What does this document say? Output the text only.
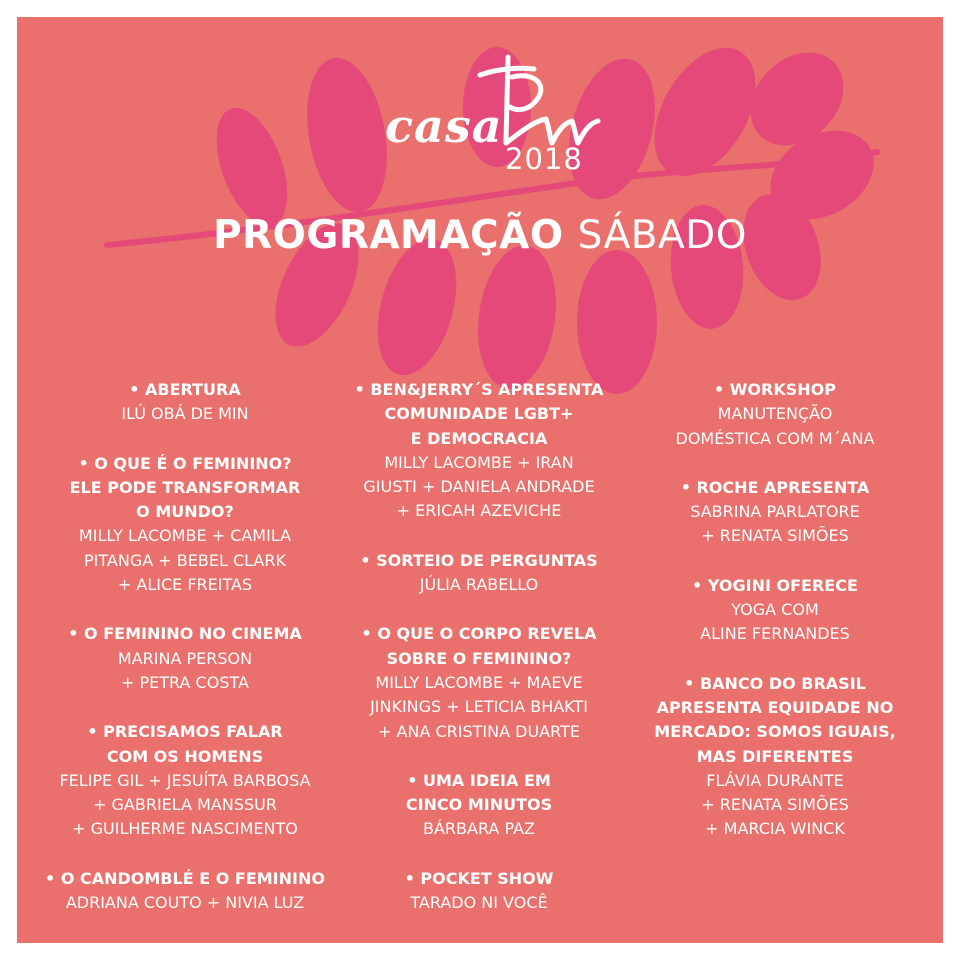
casa

2018

PROGRAMAÇÃO SÁBADO

• ABERTURA

ILÚ OBÁ DE MIN

• O QUE É O FEMININO?

ELE PODE TRANSFORMAR

O MUNDO?

MILLY LACOMBE + CAMILA

PITANGA + BEBEL CLARK

+ ALICE FREITAS

• O FEMININO NO CINEMA

MARINA PERSON

+ PETRA COSTA

• PRECISAMOS FALAR

COM OS HOMENS

FELIPE GIL + JESUÍTA BARBOSA

+ GABRIELA MANSSUR

+ GUILHERME NASCIMENTO

• O CANDOMBLÉ E O FEMININO

ADRIANA COUTO + NIVIA LUZ

• BEN&JERRY´S APRESENTA

COMUNIDADE LGBT+

E DEMOCRACIA

MILLY LACOMBE + IRAN

GIUSTI + DANIELA ANDRADE

+ ERICAH AZEVICHE

• SORTEIO DE PERGUNTAS

JÚLIA RABELLO

• O QUE O CORPO REVELA

SOBRE O FEMININO?

MILLY LACOMBE + MAEVE

JINKINGS + LETICIA BHAKTI

+ ANA CRISTINA DUARTE

• UMA IDEIA EM

CINCO MINUTOS

BÁRBARA PAZ

• POCKET SHOW

TARADO NI VOCÊ

• WORKSHOP

MANUTENÇÃO

DOMÉSTICA COM M´ANA

• ROCHE APRESENTA

SABRINA PARLATORE

+ RENATA SIMÕES

• YOGINI OFERECE

YOGA COM

ALINE FERNANDES

• BANCO DO BRASIL

APRESENTA EQUIDADE NO

MERCADO: SOMOS IGUAIS,

MAS DIFERENTES

FLÁVIA DURANTE

+ RENATA SIMÕES

+ MARCIA WINCK
